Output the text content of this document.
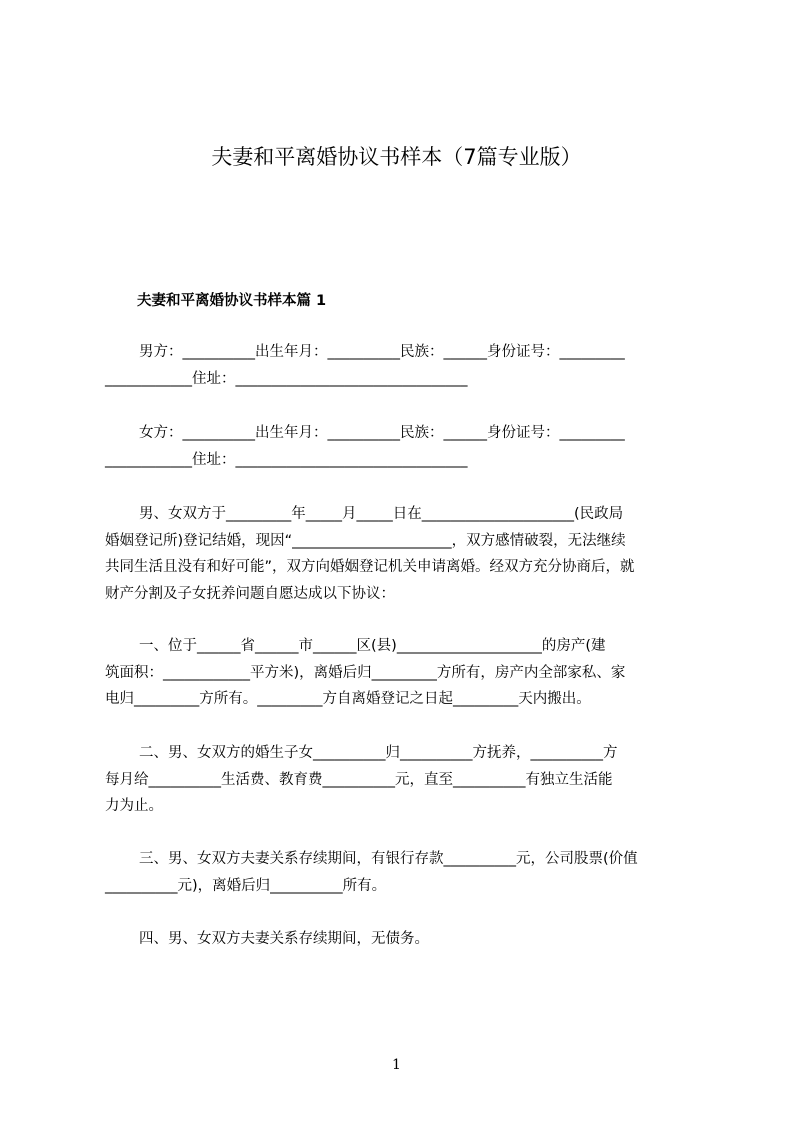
夫妻和平离婚协议书样本（7篇专业版）
夫妻和平离婚协议书样本篇 1
男方：__________出生年月：__________民族：______身份证号：_________
____________住址：________________________________
女方：__________出生年月：__________民族：______身份证号：_________
____________住址：________________________________
男、女双方于_________年_____月_____日在_____________________(民政局
婚姻登记所)登记结婚，现因“______________________，双方感情破裂，无法继续
共同生活且没有和好可能”，双方向婚姻登记机关申请离婚。经双方充分协商后，就
财产分割及子女抚养问题自愿达成以下协议：
一、位于______省______市______区(县)____________________的房产(建
筑面积：____________平方米)，离婚后归_________方所有，房产内全部家私、家
电归_________方所有。_________方自离婚登记之日起_________天内搬出。
二、男、女双方的婚生子女__________归__________方抚养，__________方
每月给__________生活费、教育费__________元，直至__________有独立生活能
力为止。
三、男、女双方夫妻关系存续期间，有银行存款__________元，公司股票(价值
__________元)，离婚后归__________所有。
四、男、女双方夫妻关系存续期间，无债务。
1
